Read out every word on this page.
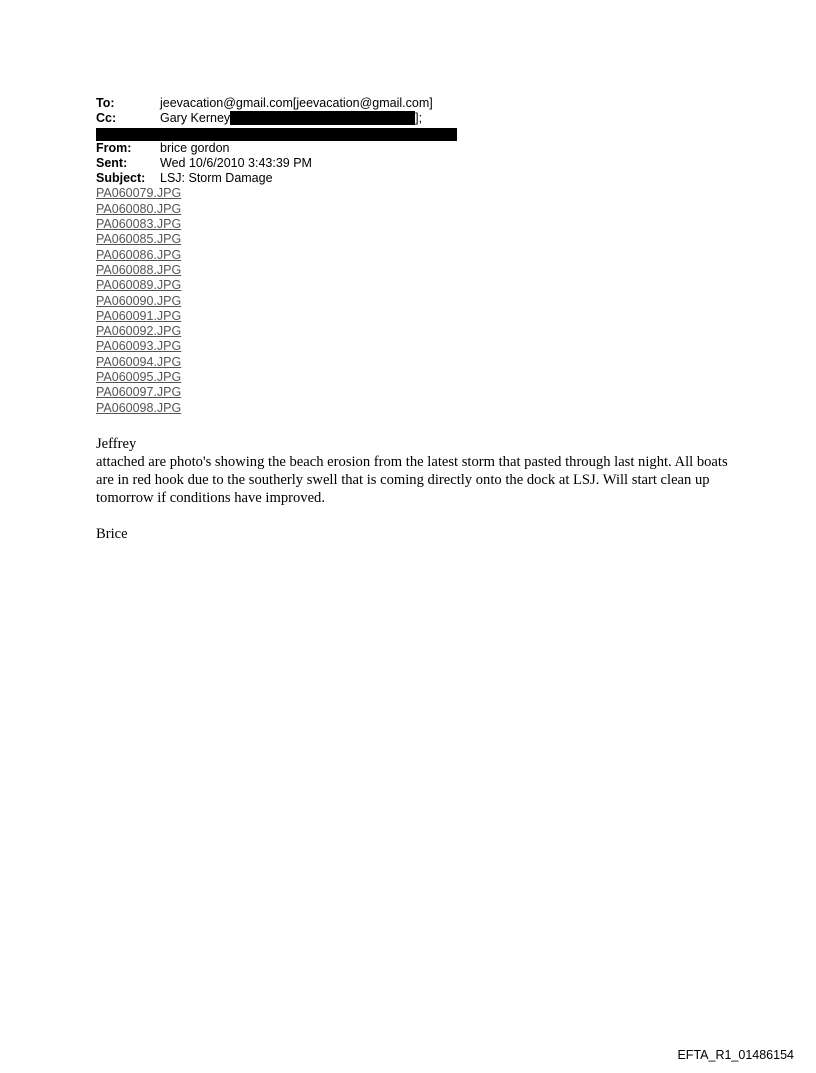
To:	jeevacation@gmail.com[jeevacation@gmail.com]
Cc:	Gary Kerney	];
From:	brice gordon
Sent:	Wed 10/6/2010 3:43:39 PM
Subject:	LSJ: Storm Damage
PA060079.JPG
PA060080.JPG
PA060083.JPG
PA060085.JPG
PA060086.JPG
PA060088.JPG
PA060089.JPG
PA060090.JPG
PA060091.JPG
PA060092.JPG
PA060093.JPG
PA060094.JPG
PA060095.JPG
PA060097.JPG
PA060098.JPG

Jeffrey

attached are photo's showing the beach erosion from the latest storm that pasted through last night. All boats are in red hook due to the southerly swell that is coming directly onto the dock at LSJ. Will start clean up tomorrow if conditions have improved.

Brice

EFTA_R1_01486154
